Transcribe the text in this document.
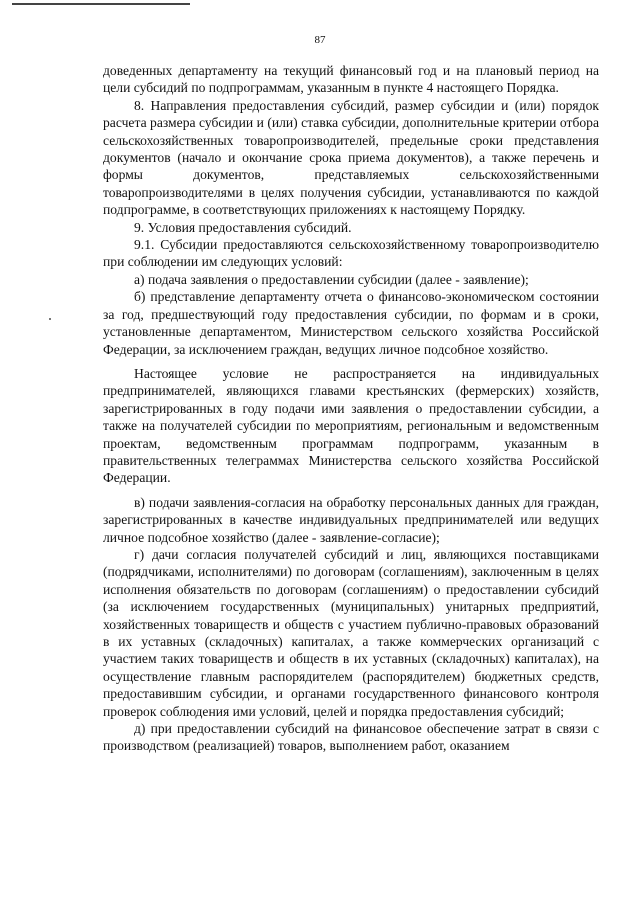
87

доведенных департаменту на текущий финансовый год и на плановый период на цели субсидий по подпрограммам, указанным в пункте 4 настоящего Порядка.

8. Направления предоставления субсидий, размер субсидии и (или) порядок расчета размера субсидии и (или) ставка субсидии, дополнительные критерии отбора сельскохозяйственных товаропроизводителей, предельные сроки представления документов (начало и окончание срока приема документов), а также перечень и формы документов, представляемых сельскохозяйственными товаропроизводителями в целях получения субсидии, устанавливаются по каждой подпрограмме, в соответствующих приложениях к настоящему Порядку.

9. Условия предоставления субсидий.

9.1. Субсидии предоставляются сельскохозяйственному товаропроизводителю при соблюдении им следующих условий:

а) подача заявления о предоставлении субсидии (далее - заявление);

б) представление департаменту отчета о финансово-экономическом состоянии за год, предшествующий году предоставления субсидии, по формам и в сроки, установленные департаментом, Министерством сельского хозяйства Российской Федерации, за исключением граждан, ведущих личное подсобное хозяйство.

Настоящее условие не распространяется на индивидуальных предпринимателей, являющихся главами крестьянских (фермерских) хозяйств, зарегистрированных в году подачи ими заявления о предоставлении субсидии, а также на получателей субсидии по мероприятиям, региональным и ведомственным проектам, ведомственным программам подпрограмм, указанным в правительственных телеграммах Министерства сельского хозяйства Российской Федерации.

в) подачи заявления-согласия на обработку персональных данных для граждан, зарегистрированных в качестве индивидуальных предпринимателей или ведущих личное подсобное хозяйство (далее - заявление-согласие);

г) дачи согласия получателей субсидий и лиц, являющихся поставщиками (подрядчиками, исполнителями) по договорам (соглашениям), заключенным в целях исполнения обязательств по договорам (соглашениям) о предоставлении субсидий (за исключением государственных (муниципальных) унитарных предприятий, хозяйственных товариществ и обществ с участием публично-правовых образований в их уставных (складочных) капиталах, а также коммерческих организаций с участием таких товариществ и обществ в их уставных (складочных) капиталах), на осуществление главным распорядителем (распорядителем) бюджетных средств, предоставившим субсидии, и органами государственного финансового контроля проверок соблюдения ими условий, целей и порядка предоставления субсидий;

д) при предоставлении субсидий на финансовое обеспечение затрат в связи с производством (реализацией) товаров, выполнением работ, оказанием
